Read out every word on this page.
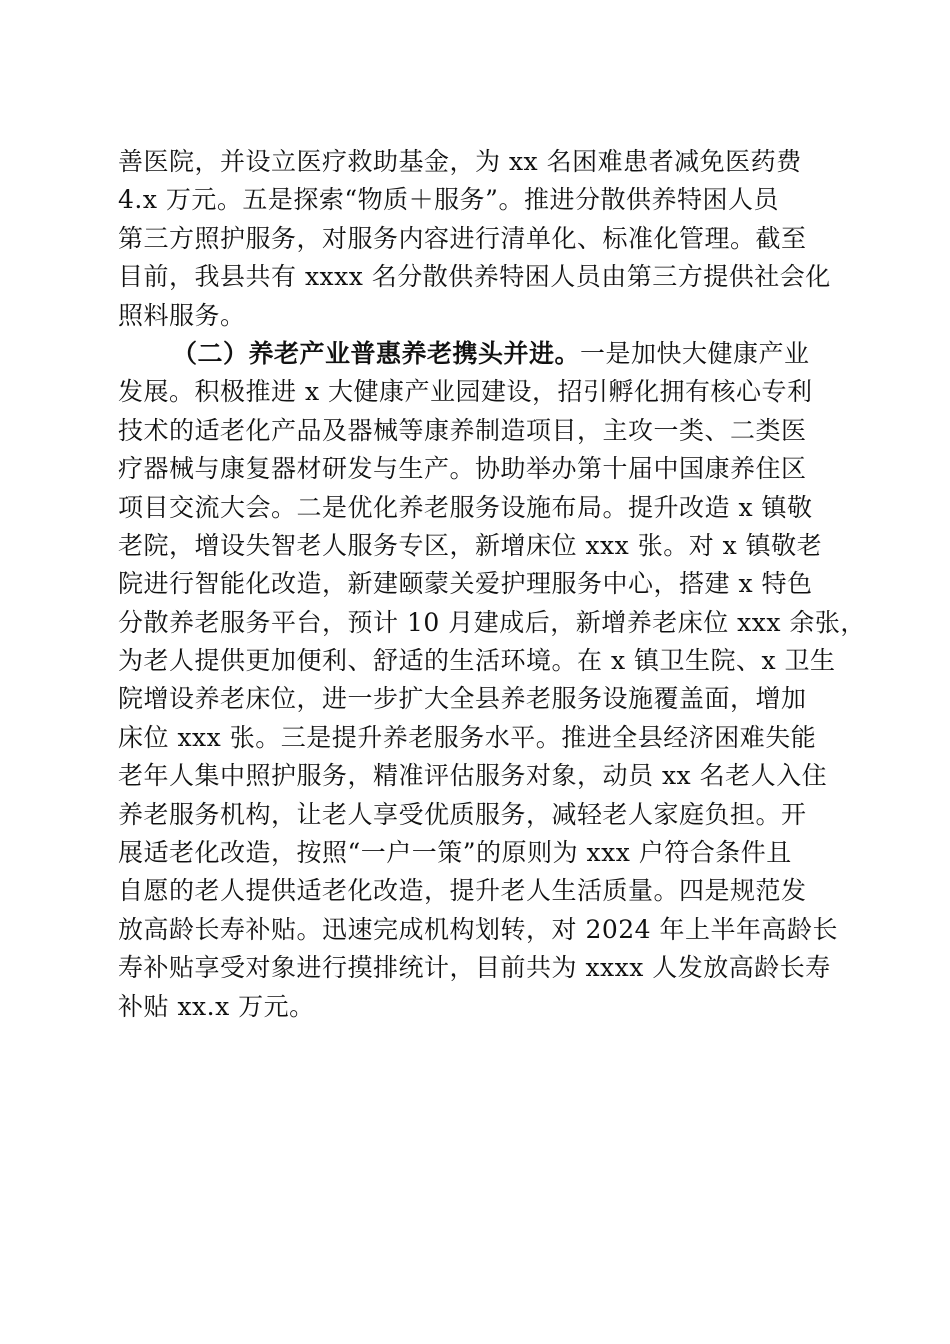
善医院，并设立医疗救助基金，为 xx 名困难患者减免医药费
4.x 万元。五是探索“物质＋服务”。推进分散供养特困人员
第三方照护服务，对服务内容进行清单化、标准化管理。截至
目前，我县共有 xxxx 名分散供养特困人员由第三方提供社会化
照料服务。
（二）养老产业普惠养老携头并进。一是加快大健康产业
发展。积极推进 x 大健康产业园建设，招引孵化拥有核心专利
技术的适老化产品及器械等康养制造项目，主攻一类、二类医
疗器械与康复器材研发与生产。协助举办第十届中国康养住区
项目交流大会。二是优化养老服务设施布局。提升改造 x 镇敬
老院，增设失智老人服务专区，新增床位 xxx 张。对 x 镇敬老
院进行智能化改造，新建颐蒙关爱护理服务中心，搭建 x 特色
分散养老服务平台，预计 10 月建成后，新增养老床位 xxx 余张，
为老人提供更加便利、舒适的生活环境。在 x 镇卫生院、x 卫生
院增设养老床位，进一步扩大全县养老服务设施覆盖面，增加
床位 xxx 张。三是提升养老服务水平。推进全县经济困难失能
老年人集中照护服务，精准评估服务对象，动员 xx 名老人入住
养老服务机构，让老人享受优质服务，减轻老人家庭负担。开
展适老化改造，按照“一户一策”的原则为 xxx 户符合条件且
自愿的老人提供适老化改造，提升老人生活质量。四是规范发
放高龄长寿补贴。迅速完成机构划转，对 2024 年上半年高龄长
寿补贴享受对象进行摸排统计，目前共为 xxxx 人发放高龄长寿
补贴 xx.x 万元。
